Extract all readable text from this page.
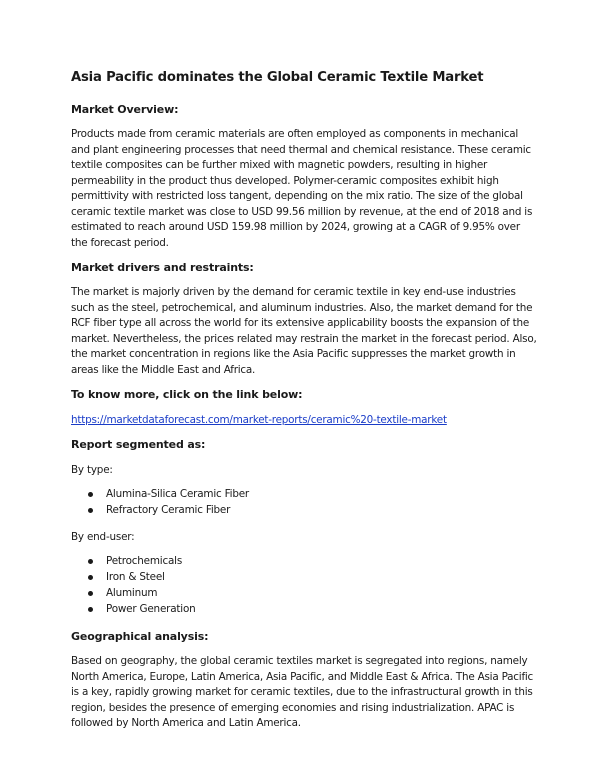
Asia Pacific dominates the Global Ceramic Textile Market
Market Overview:

Products made from ceramic materials are often employed as components in mechanical and plant engineering processes that need thermal and chemical resistance. These ceramic textile composites can be further mixed with magnetic powders, resulting in higher permeability in the product thus developed. Polymer-ceramic composites exhibit high permittivity with restricted loss tangent, depending on the mix ratio. The size of the global ceramic textile market was close to USD 99.56 million by revenue, at the end of 2018 and is estimated to reach around USD 159.98 million by 2024, growing at a CAGR of 9.95% over the forecast period.

Market drivers and restraints:

The market is majorly driven by the demand for ceramic textile in key end-use industries such as the steel, petrochemical, and aluminum industries. Also, the market demand for the RCF fiber type all across the world for its extensive applicability boosts the expansion of the market. Nevertheless, the prices related may restrain the market in the forecast period. Also, the market concentration in regions like the Asia Pacific suppresses the market growth in areas like the Middle East and Africa.

To know more, click on the link below:
https://marketdataforecast.com/market-reports/ceramic%20-textile-market
Report segmented as:
By type:
Alumina-Silica Ceramic Fiber
Refractory Ceramic Fiber
By end-user:
Petrochemicals
Iron & Steel
Aluminum
Power Generation
Geographical analysis:

Based on geography, the global ceramic textiles market is segregated into regions, namely North America, Europe, Latin America, Asia Pacific, and Middle East & Africa. The Asia Pacific is a key, rapidly growing market for ceramic textiles, due to the infrastructural growth in this region, besides the presence of emerging economies and rising industrialization. APAC is followed by North America and Latin America.
